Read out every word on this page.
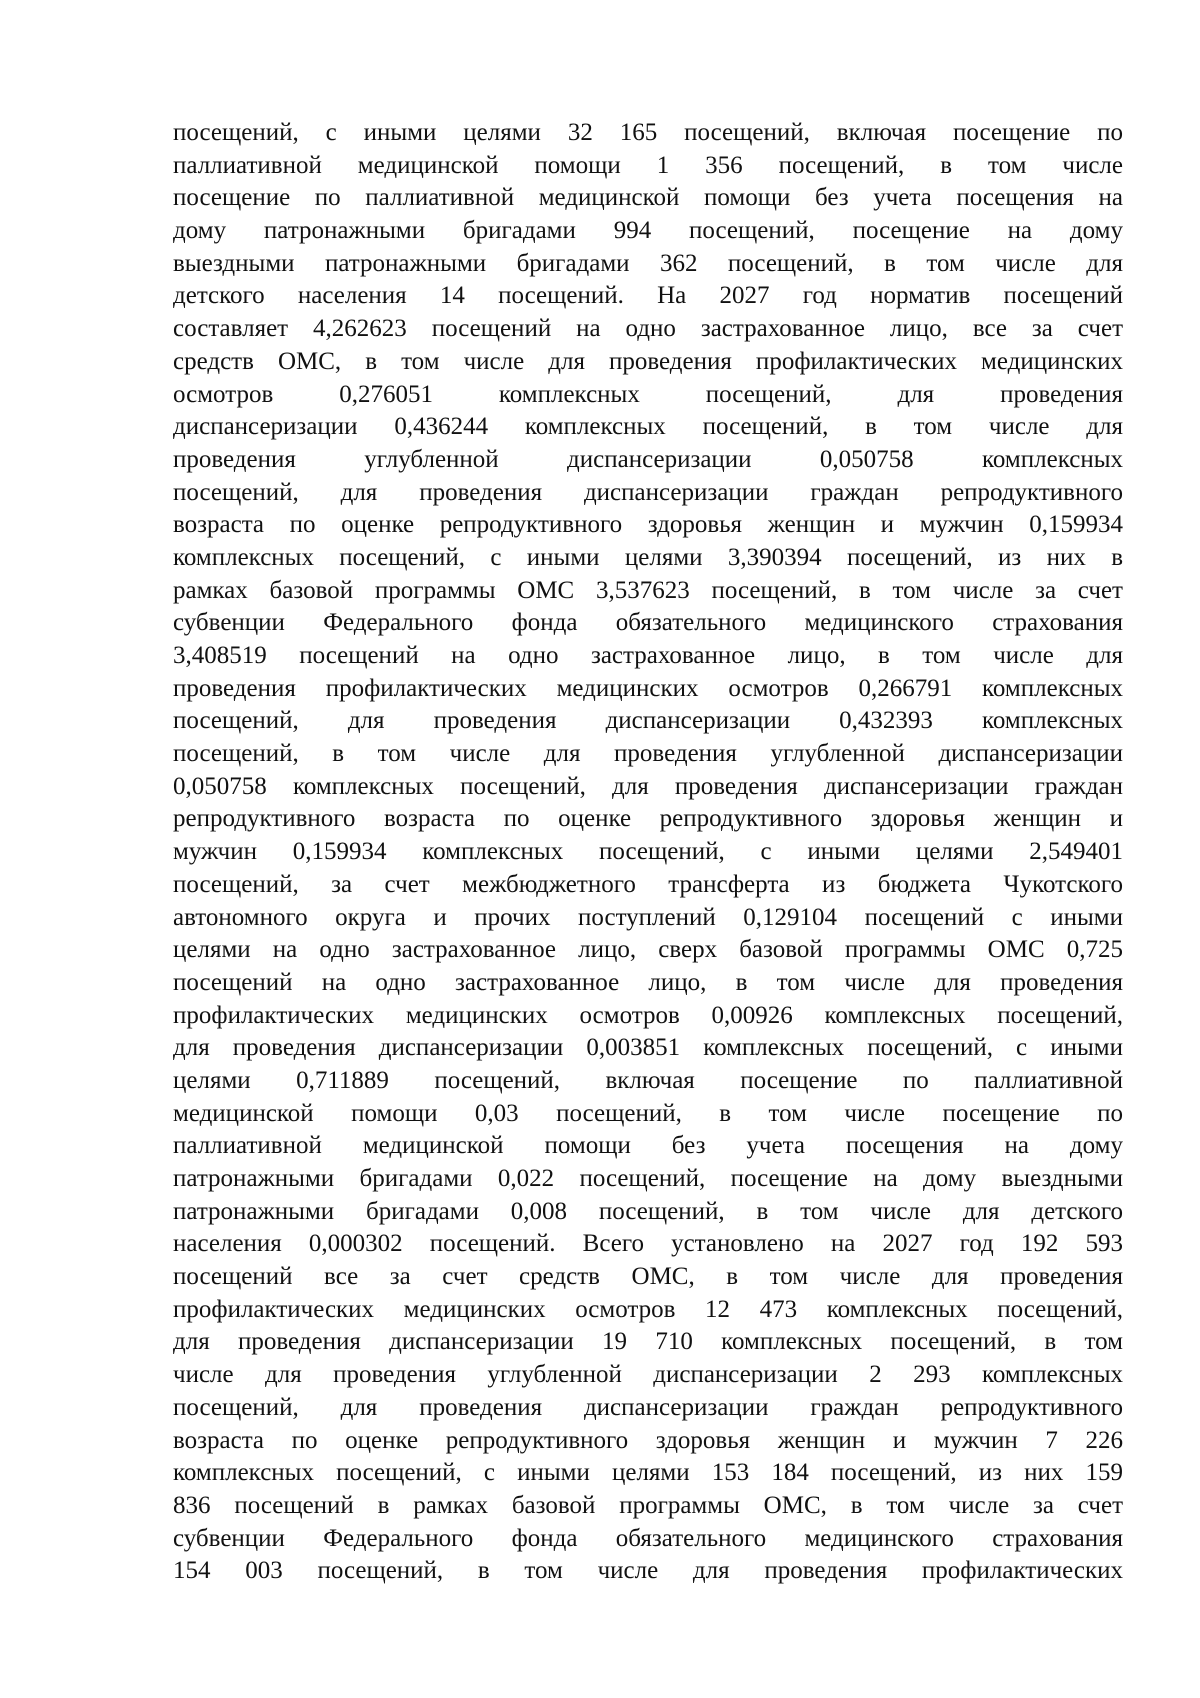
посещений, с иными целями 32 165 посещений, включая посещение по
паллиативной медицинской помощи 1 356 посещений, в том числе
посещение по паллиативной медицинской помощи без учета посещения на
дому патронажными бригадами 994 посещений, посещение на дому
выездными патронажными бригадами 362 посещений, в том числе для
детского населения 14 посещений. На 2027 год норматив посещений
составляет 4,262623 посещений на одно застрахованное лицо, все за счет
средств ОМС, в том числе для проведения профилактических медицинских
осмотров 0,276051 комплексных посещений, для проведения
диспансеризации 0,436244 комплексных посещений, в том числе для
проведения углубленной диспансеризации 0,050758 комплексных
посещений, для проведения диспансеризации граждан репродуктивного
возраста по оценке репродуктивного здоровья женщин и мужчин 0,159934
комплексных посещений, с иными целями 3,390394 посещений, из них в
рамках базовой программы ОМС 3,537623 посещений, в том числе за счет
субвенции Федерального фонда обязательного медицинского страхования
3,408519 посещений на одно застрахованное лицо, в том числе для
проведения профилактических медицинских осмотров 0,266791 комплексных
посещений, для проведения диспансеризации 0,432393 комплексных
посещений, в том числе для проведения углубленной диспансеризации
0,050758 комплексных посещений, для проведения диспансеризации граждан
репродуктивного возраста по оценке репродуктивного здоровья женщин и
мужчин 0,159934 комплексных посещений, с иными целями 2,549401
посещений, за счет межбюджетного трансферта из бюджета Чукотского
автономного округа и прочих поступлений 0,129104 посещений с иными
целями на одно застрахованное лицо, сверх базовой программы ОМС 0,725
посещений на одно застрахованное лицо, в том числе для проведения
профилактических медицинских осмотров 0,00926 комплексных посещений,
для проведения диспансеризации 0,003851 комплексных посещений, с иными
целями 0,711889 посещений, включая посещение по паллиативной
медицинской помощи 0,03 посещений, в том числе посещение по
паллиативной медицинской помощи без учета посещения на дому
патронажными бригадами 0,022 посещений, посещение на дому выездными
патронажными бригадами 0,008 посещений, в том числе для детского
населения 0,000302 посещений. Всего установлено на 2027 год 192 593
посещений все за счет средств ОМС, в том числе для проведения
профилактических медицинских осмотров 12 473 комплексных посещений,
для проведения диспансеризации 19 710 комплексных посещений, в том
числе для проведения углубленной диспансеризации 2 293 комплексных
посещений, для проведения диспансеризации граждан репродуктивного
возраста по оценке репродуктивного здоровья женщин и мужчин 7 226
комплексных посещений, с иными целями 153 184 посещений, из них 159
836 посещений в рамках базовой программы ОМС, в том числе за счет
субвенции Федерального фонда обязательного медицинского страхования
154 003 посещений, в том числе для проведения профилактических
